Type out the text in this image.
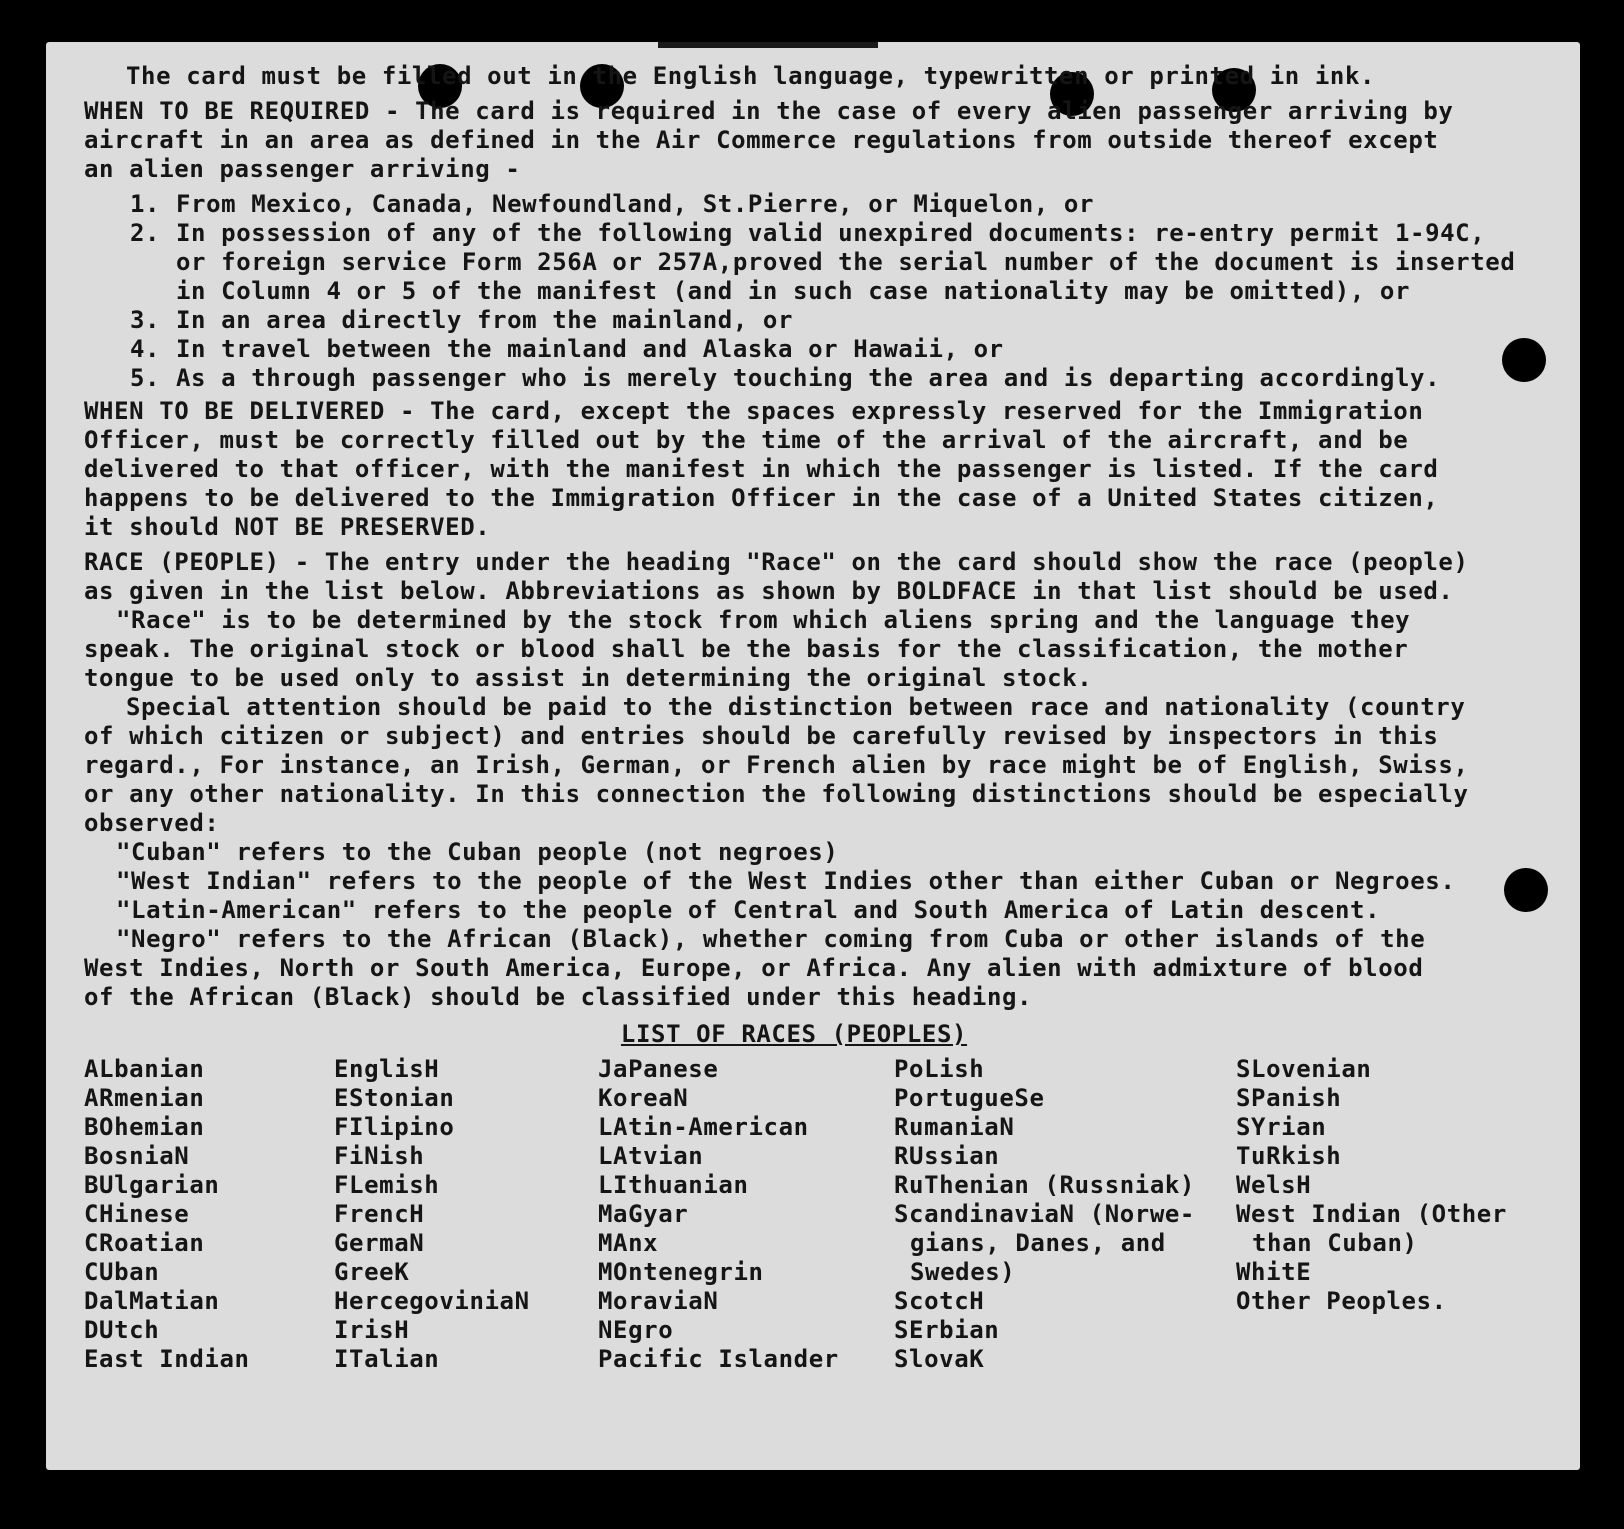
The card must be filled out in the English language, typewritten or printed in ink.

WHEN TO BE REQUIRED - The card is required in the case of every alien passenger arriving by

aircraft in an area as defined in the Air Commerce regulations from outside thereof except

an alien passenger arriving -

1. From Mexico, Canada, Newfoundland, St.Pierre, or Miquelon, or
2. In possession of any of the following valid unexpired documents: re-entry permit 1-94C,
or foreign service Form 256A or 257A,proved the serial number of the document is inserted
in Column 4 or 5 of the manifest (and in such case nationality may be omitted), or
3. In an area directly from the mainland, or
4. In travel between the mainland and Alaska or Hawaii, or
5. As a through passenger who is merely touching the area and is departing accordingly.

WHEN TO BE DELIVERED - The card, except the spaces expressly reserved for the Immigration

Officer, must be correctly filled out by the time of the arrival of the aircraft, and be

delivered to that officer, with the manifest in which the passenger is listed. If the card

happens to be delivered to the Immigration Officer in the case of a United States citizen,

it should NOT BE PRESERVED.

RACE (PEOPLE) - The entry under the heading "Race" on the card should show the race (people)

as given in the list below. Abbreviations as shown by BOLDFACE in that list should be used.

"Race" is to be determined by the stock from which aliens spring and the language they

speak. The original stock or blood shall be the basis for the classification, the mother

tongue to be used only to assist in determining the original stock.

Special attention should be paid to the distinction between race and nationality (country

of which citizen or subject) and entries should be carefully revised by inspectors in this

regard., For instance, an Irish, German, or French alien by race might be of English, Swiss,

or any other nationality. In this connection the following distinctions should be especially

observed:

"Cuban" refers to the Cuban people (not negroes)

"West Indian" refers to the people of the West Indies other than either Cuban or Negroes.

"Latin-American" refers to the people of Central and South America of Latin descent.

"Negro" refers to the African (Black), whether coming from Cuba or other islands of the

West Indies, North or South America, Europe, or Africa. Any alien with admixture of blood

of the African (Black) should be classified under this heading.

LIST OF RACES (PEOPLES)

ALbanian
ARmenian
BOhemian
BosniaN
BUlgarian
CHinese
CRoatian
CUban
DalMatian
DUtch
East Indian
EnglisH
EStonian
FIlipino
FiNish
FLemish
FrencH
GermaN
GreeK
HercegoviniaN
IrisH
ITalian
JaPanese
KoreaN
LAtin-American
LAtvian
LIthuanian
MaGyar
MAnx
MOntenegrin
MoraviaN
NEgro
Pacific Islander
PoLish
PortugueSe
RumaniaN
RUssian
RuThenian (Russniak)
ScandinaviaN (Norwe-
gians, Danes, and
Swedes)
ScotcH
SErbian
SlovaK
SLovenian
SPanish
SYrian
TuRkish
WelsH
West Indian (Other
than Cuban)
WhitE
Other Peoples.
